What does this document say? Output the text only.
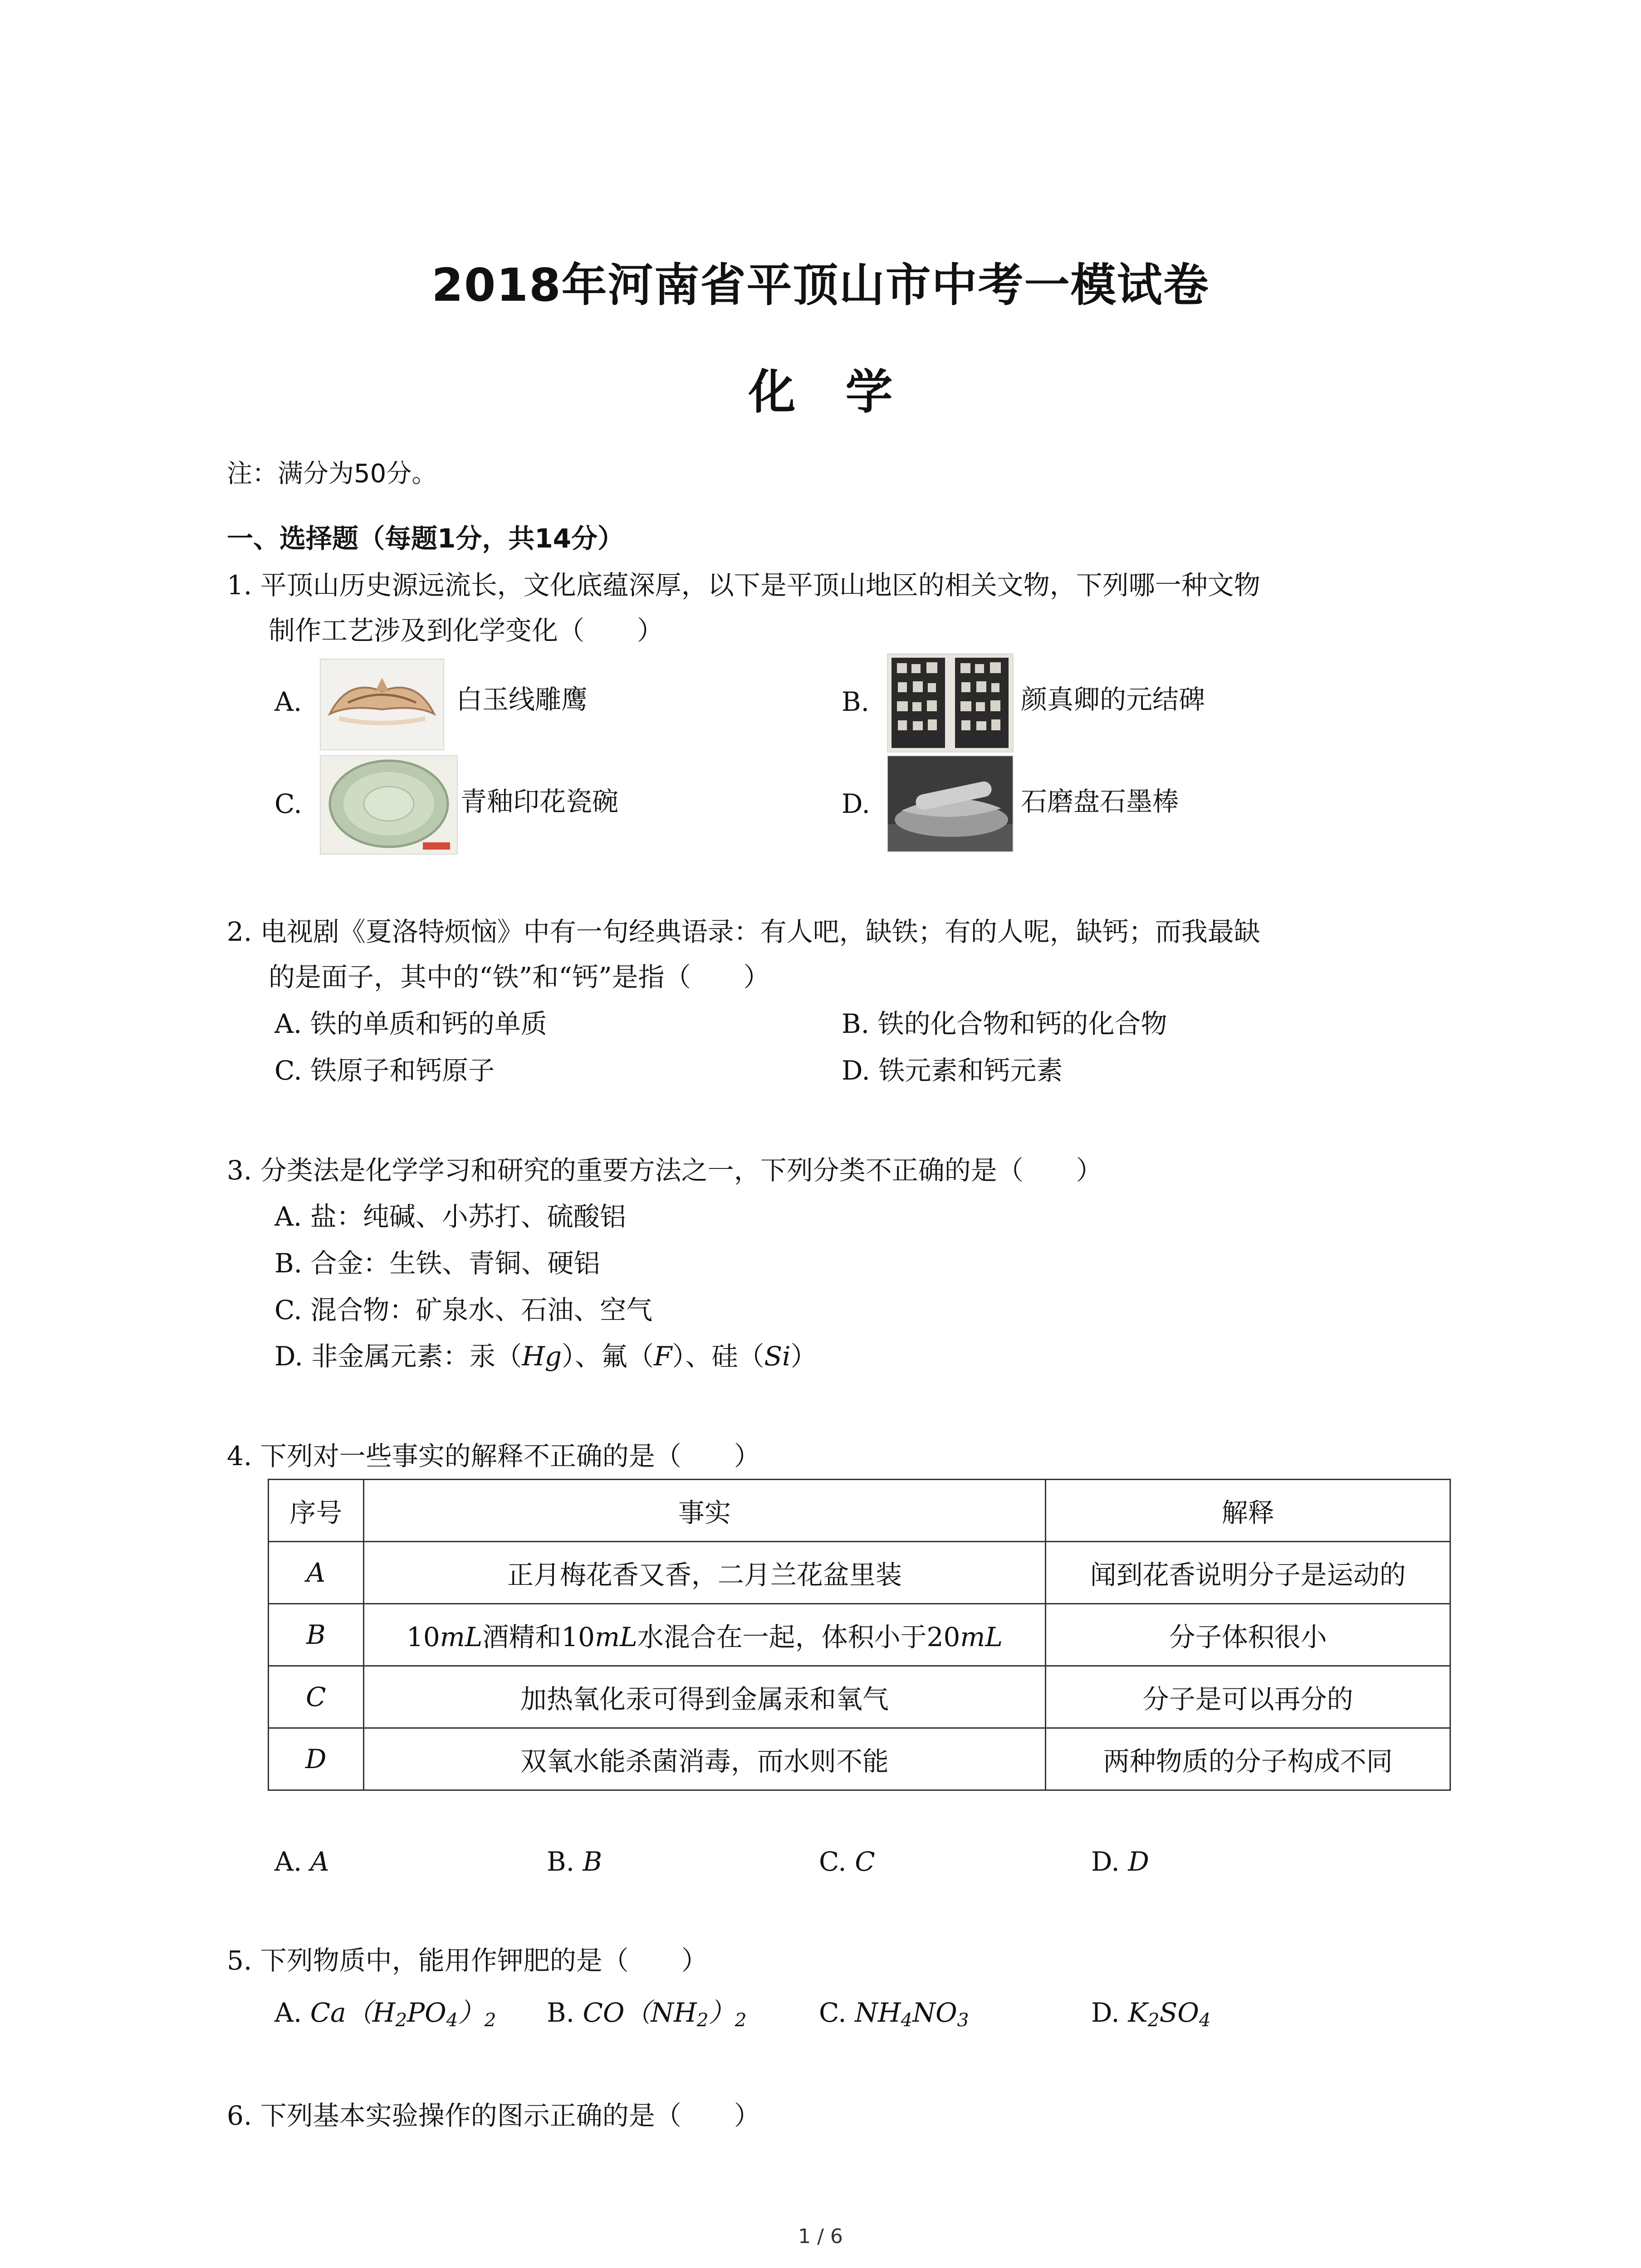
2018年河南省平顶山市中考一模试卷
化学
注：满分为50分。
一、选择题（每题1分，共14分）
1. 平顶山历史源远流长，文化底蕴深厚，以下是平顶山地区的相关文物，下列哪一种文物
制作工艺涉及到化学变化（　　）
A.	白玉线雕鹰	B.	颜真卿的元结碑
C.	青釉印花瓷碗	D.	石磨盘石墨棒
2. 电视剧《夏洛特烦恼》中有一句经典语录：有人吧，缺铁；有的人呢，缺钙；而我最缺
的是面子，其中的“铁”和“钙”是指（　　）
A. 铁的单质和钙的单质	B. 铁的化合物和钙的化合物
C. 铁原子和钙原子	D. 铁元素和钙元素
3. 分类法是化学学习和研究的重要方法之一，下列分类不正确的是（　　）
A. 盐：纯碱、小苏打、硫酸铝
B. 合金：生铁、青铜、硬铝
C. 混合物：矿泉水、石油、空气
D. 非金属元素：汞（Hg）、氟（F）、硅（Si）
4. 下列对一些事实的解释不正确的是（　　）
序号	事实	解释
A	正月梅花香又香，二月兰花盆里装	闻到花香说明分子是运动的
B	10mL酒精和10mL水混合在一起，体积小于20mL	分子体积很小
C	加热氧化汞可得到金属汞和氧气	分子是可以再分的
D	双氧水能杀菌消毒，而水则不能	两种物质的分子构成不同
A. A	B. B	C. C	D. D
5. 下列物质中，能用作钾肥的是（　　）
A. $Ca(H_2PO_4)_2$ B. $CO(NH_2)_2$	C. $NH_4NO_3$	D. $K_2SO_4$
6. 下列基本实验操作的图示正确的是（　　）
1 / 6
